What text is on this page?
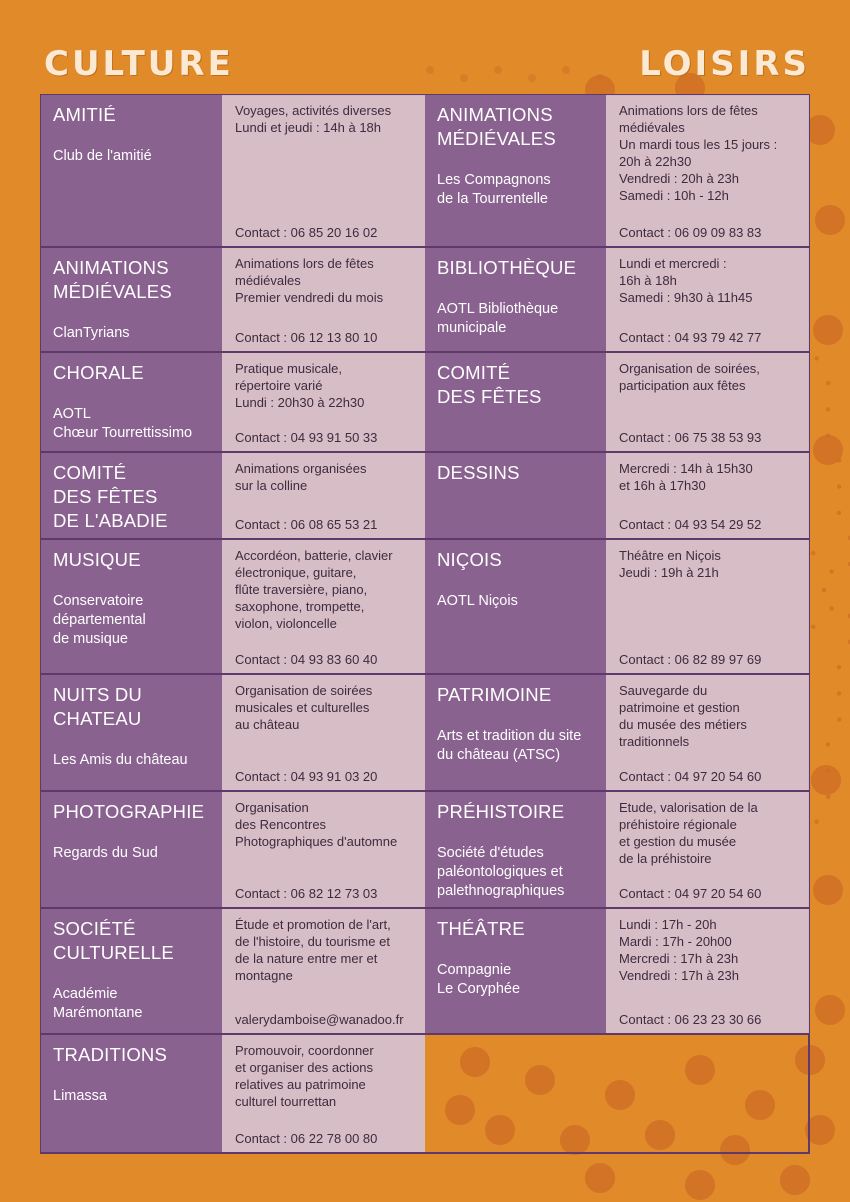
CULTURE	LOISIRS
AMITIÉ
Club de l'amitié
Voyages, activités diverses
Lundi et jeudi : 14h à 18h
Contact : 06 85 20 16 02
ANIMATIONS
MÉDIÉVALES
ClanTyrians
Animations lors de fêtes
médiévales
Premier vendredi du mois
Contact : 06 12 13 80 10
CHORALE
AOTL
Chœur Tourrettissimo
Pratique musicale,
répertoire varié
Lundi : 20h30 à 22h30
Contact : 04 93 91 50 33
COMITÉ
DES FÊTES
DE L'ABADIE
Animations organisées
sur la colline
Contact : 06 08 65 53 21
MUSIQUE
Conservatoire
départemental
de musique
Accordéon, batterie, clavier
électronique, guitare,
flûte traversière, piano,
saxophone, trompette,
violon, violoncelle
Contact : 04 93 83 60 40
NUITS DU
CHATEAU
Les Amis du château
Organisation de soirées
musicales et culturelles
au château
Contact : 04 93 91 03 20
PHOTOGRAPHIE
Regards du Sud
Organisation
des Rencontres
Photographiques d'automne
Contact : 06 82 12 73 03
SOCIÉTÉ
CULTURELLE
Académie
Marémontane
Étude et promotion de l'art,
de l'histoire, du tourisme et
de la nature entre mer et
montagne
valerydamboise@wanadoo.fr
TRADITIONS
Limassa
Promouvoir, coordonner
et organiser des actions
relatives au patrimoine
culturel tourrettan
Contact : 06 22 78 00 80
ANIMATIONS
MÉDIÉVALES
Les Compagnons
de la Tourrentelle
Animations lors de fêtes
médiévales
Un mardi tous les 15 jours :
20h à 22h30
Vendredi : 20h à 23h
Samedi : 10h - 12h
Contact : 06 09 09 83 83
BIBLIOTHÈQUE
AOTL Bibliothèque
municipale
Lundi et mercredi :
16h à 18h
Samedi : 9h30 à 11h45
Contact : 04 93 79 42 77
COMITÉ
DES FÊTES
Organisation de soirées,
participation aux fêtes
Contact : 06 75 38 53 93
DESSINS	Mercredi : 14h à 15h30
et 16h à 17h30
Contact : 04 93 54 29 52
NIÇOIS
AOTL Niçois
Théâtre en Niçois
Jeudi : 19h à 21h
Contact : 06 82 89 97 69
PATRIMOINE
Arts et tradition du site
du château (ATSC)
Sauvegarde du
patrimoine et gestion
du musée des métiers
traditionnels
Contact : 04 97 20 54 60
PRÉHISTOIRE
Société d'études
paléontologiques et
palethnographiques
Etude, valorisation de la
préhistoire régionale
et gestion du musée
de la préhistoire
Contact : 04 97 20 54 60
THÉÂTRE
Compagnie
Le Coryphée
Lundi : 17h - 20h
Mardi : 17h - 20h00
Mercredi : 17h à 23h
Vendredi : 17h à 23h
Contact : 06 23 23 30 66
